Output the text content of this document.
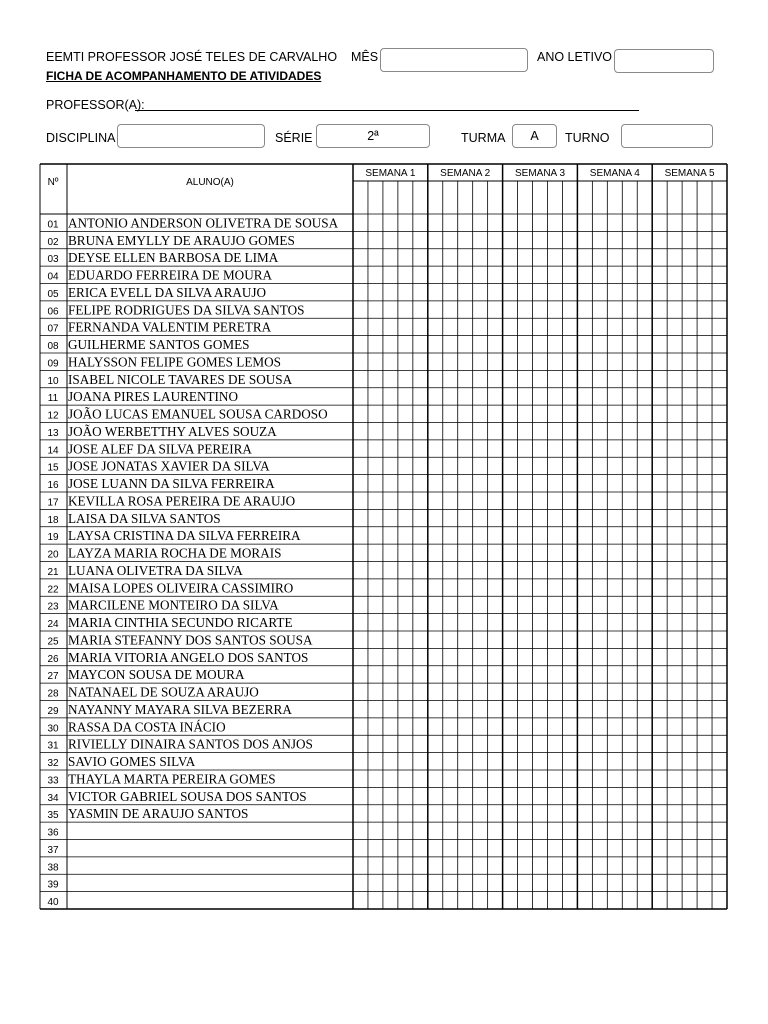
EEMTI PROFESSOR JOSÉ TELES DE CARVALHO
FICHA DE ACOMPANHAMENTO DE ATIVIDADES
MÊS	ANO LETIVO
PROFESSOR(A):
DISCIPLINA	SÉRIE	2ª	TURMA	A	TURNO
Nº	ALUNO(A)
SEMANA 1 SEMANA 2 SEMANA 3 SEMANA 4 SEMANA 5
01 ANTONIO ANDERSON OLIVETRA DE SOUSA
02 BRUNA EMYLLY DE ARAUJO GOMES
03 DEYSE ELLEN BARBOSA DE LIMA
04 EDUARDO FERREIRA DE MOURA
05 ERICA EVELL DA SILVA ARAUJO
06 FELIPE RODRIGUES DA SILVA SANTOS
07 FERNANDA VALENTIM PERETRA
08 GUILHERME SANTOS GOMES
09 HALYSSON FELIPE GOMES LEMOS
10 ISABEL NICOLE TAVARES DE SOUSA
11 JOANA PIRES LAURENTINO
12 JOÃO LUCAS EMANUEL SOUSA CARDOSO
13 JOÃO WERBETTHY ALVES SOUZA
14 JOSE ALEF DA SILVA PEREIRA
15 JOSE JONATAS XAVIER DA SILVA
16 JOSE LUANN DA SILVA FERREIRA
17 KEVILLA ROSA PEREIRA DE ARAUJO
18 LAISA DA SILVA SANTOS
19 LAYSA CRISTINA DA SILVA FERREIRA
20 LAYZA MARIA ROCHA DE MORAIS
21 LUANA OLIVETRA DA SILVA
22 MAISA LOPES OLIVEIRA CASSIMIRO
23 MARCILENE MONTEIRO DA SILVA
24 MARIA CINTHIA SECUNDO RICARTE
25 MARIA STEFANNY DOS SANTOS SOUSA
26 MARIA VITORIA ANGELO DOS SANTOS
27 MAYCON SOUSA DE MOURA
28 NATANAEL DE SOUZA ARAUJO
29 NAYANNY MAYARA SILVA BEZERRA
30 RASSA DA COSTA INÁCIO
31 RIVIELLY DINAIRA SANTOS DOS ANJOS
32 SAVIO GOMES SILVA
33 THAYLA MARTA PEREIRA GOMES
34 VICTOR GABRIEL SOUSA DOS SANTOS
35 YASMIN DE ARAUJO SANTOS
36
37
38
39
40
